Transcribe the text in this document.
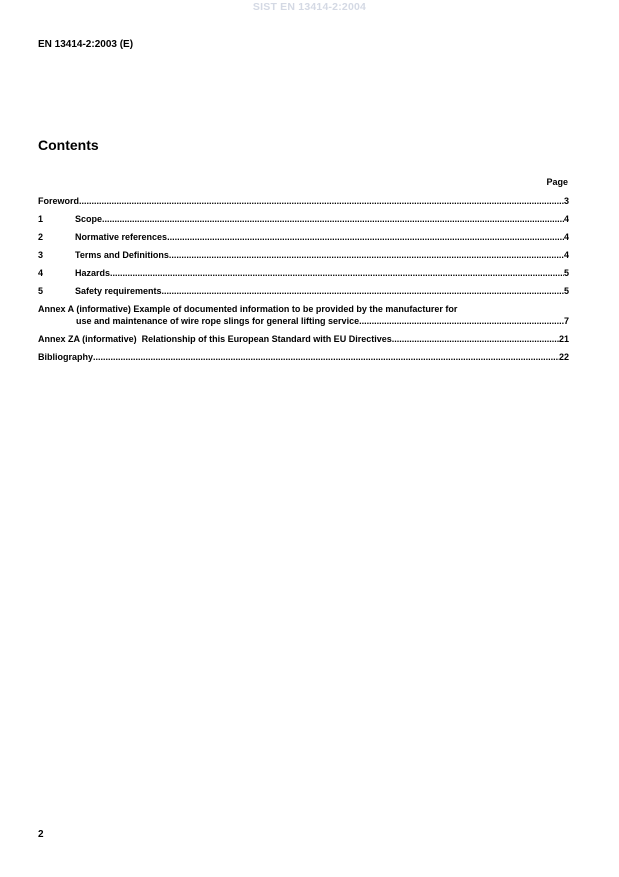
SIST EN 13414-2:2004
EN 13414-2:2003 (E)
Contents
Page
Foreword .....	3
1	Scope .....	4
2	Normative references .....	4
3	Terms and Definitions .....	4
4	Hazards .....	5
5	Safety requirements .....	5
Annex A (informative) Example of documented information to be provided by the manufacturer for
use and maintenance of wire rope slings for general lifting service .....	7
Annex ZA (informative)  Relationship of this European Standard with EU Directives .....	21
Bibliography .....	22
2
